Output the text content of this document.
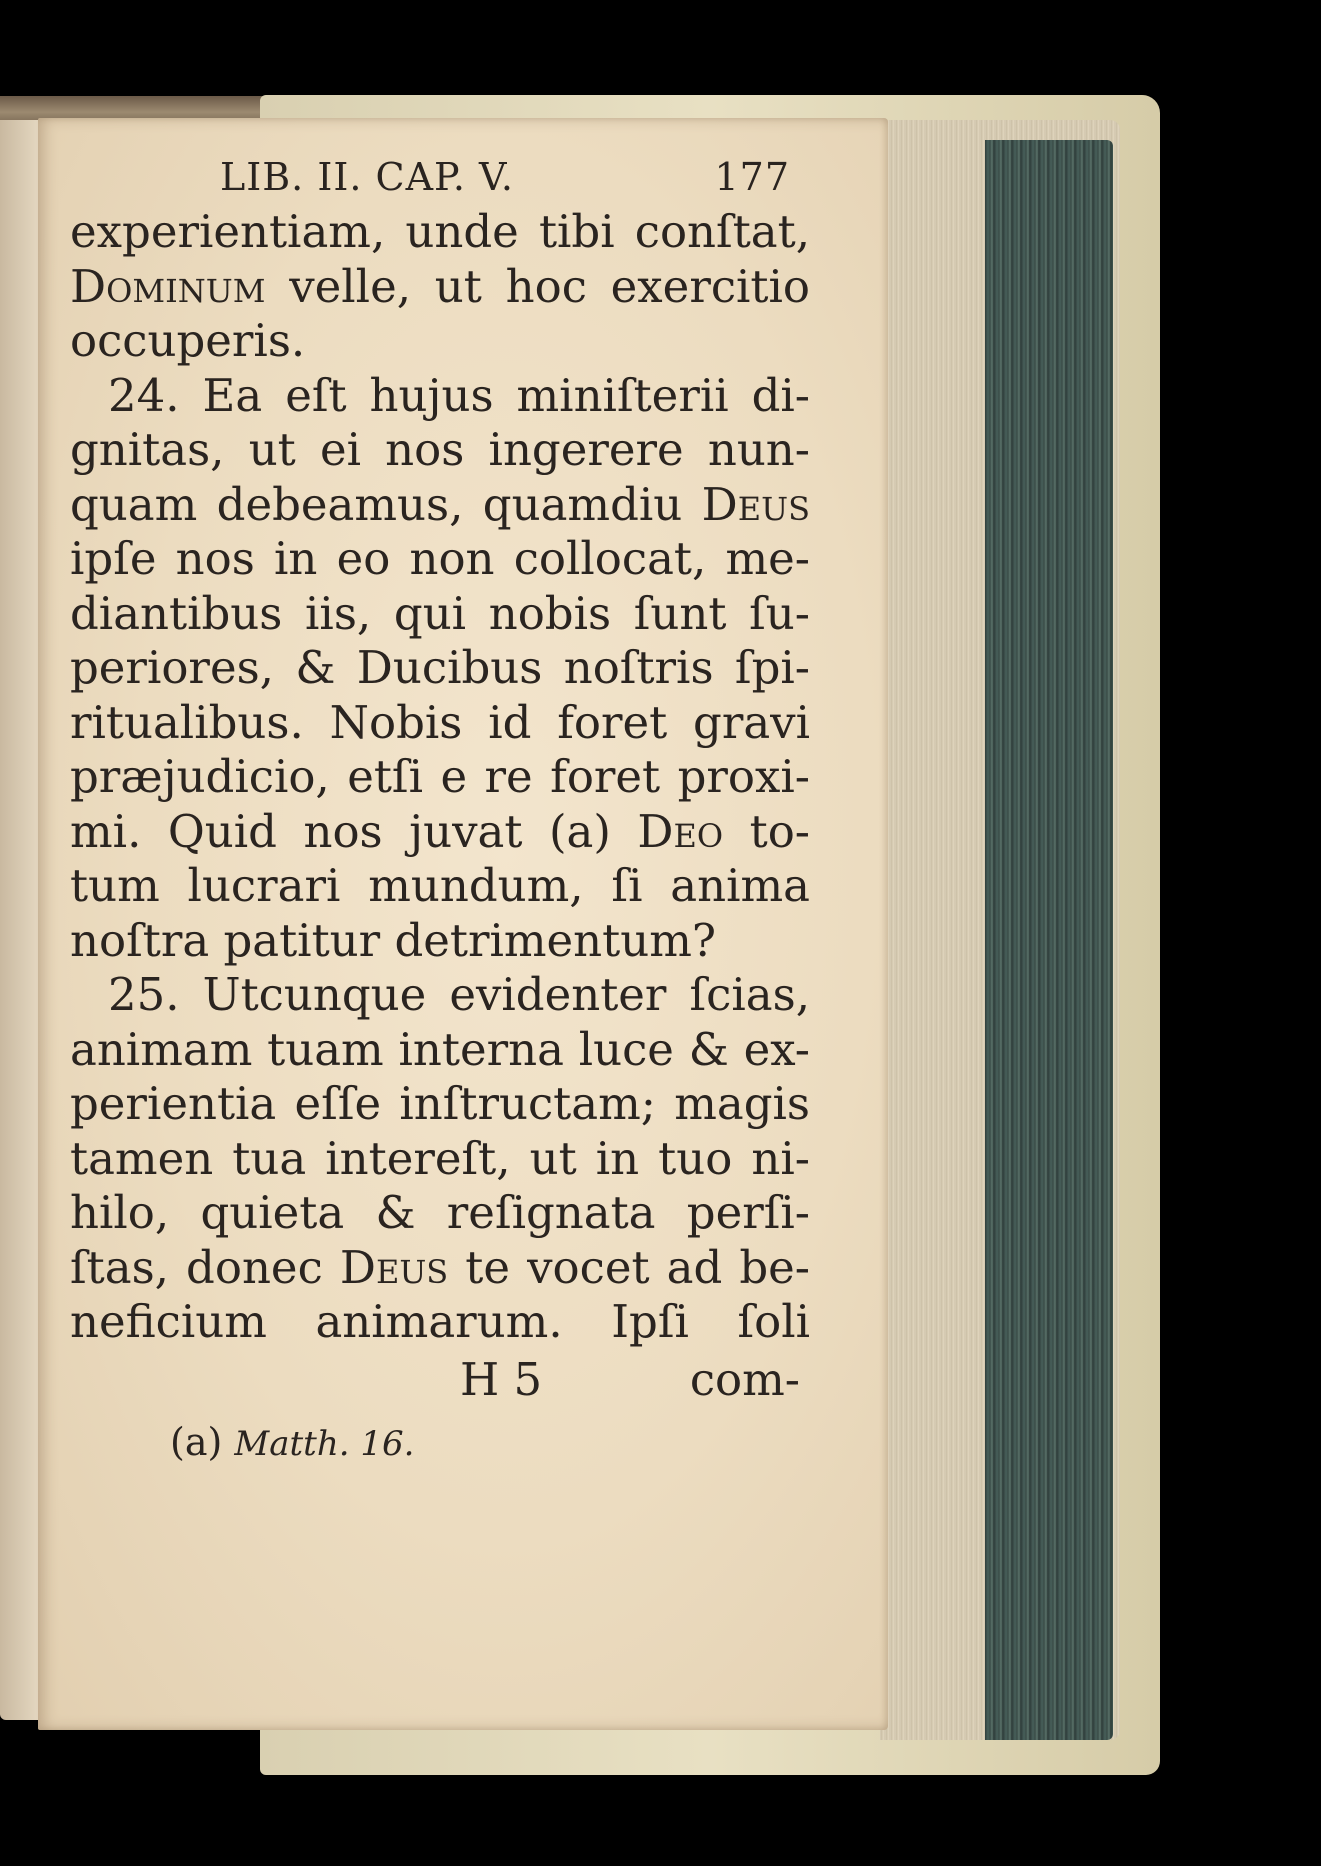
LIB. II. CAP. V.	177
experientiam, unde tibi conſtat,
Dominum velle, ut hoc exercitio
occuperis.
24. Ea eſt hujus miniſterii di-
gnitas, ut ei nos ingerere nun-
quam debeamus, quamdiu Deus
ipſe nos in eo non collocat, me-
diantibus iis, qui nobis ſunt ſu-
periores, & Ducibus noſtris ſpi-
ritualibus. Nobis id foret gravi
præjudicio, etſi e re foret proxi-
mi. Quid nos juvat (a) Deo to-
tum lucrari mundum, ſi anima
noſtra patitur detrimentum?
25. Utcunque evidenter ſcias,
animam tuam interna luce & ex-
perientia eſſe inſtructam; magis
tamen tua intereſt, ut in tuo ni-
hilo, quieta & reſignata perſi-
ſtas, donec Deus te vocet ad be-
neficium animarum. Ipſi ſoli
H 5	com-
(a) Matth. 16.
